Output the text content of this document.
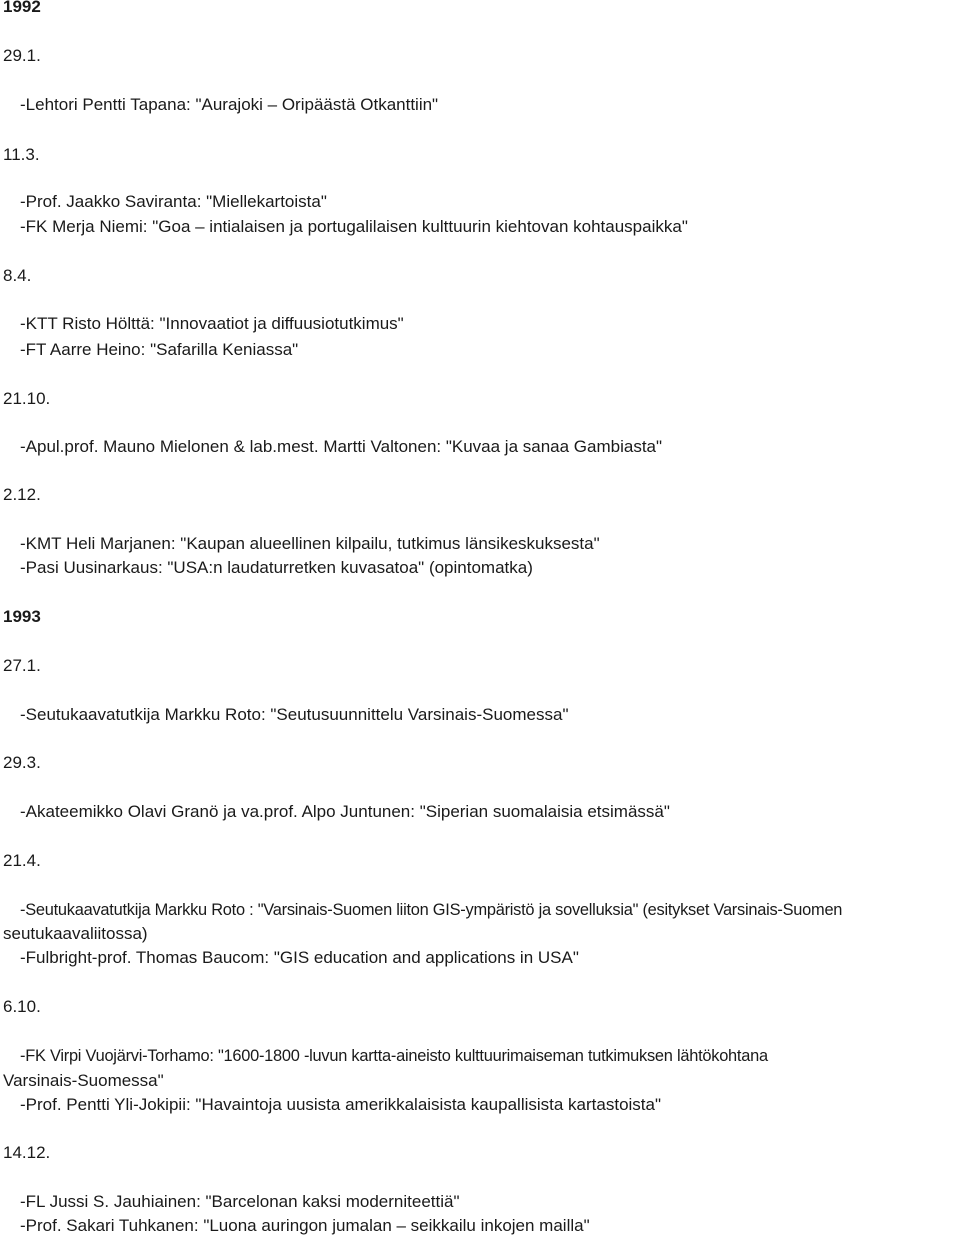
1992
29.1.
-Lehtori Pentti Tapana: "Aurajoki – Oripäästä Otkanttiin"
11.3.
-Prof. Jaakko Saviranta: "Miellekartoista"
-FK Merja Niemi: "Goa – intialaisen ja portugalilaisen kulttuurin kiehtovan kohtauspaikka"
8.4.
-KTT Risto Hölttä: "Innovaatiot ja diffuusiotutkimus"
-FT Aarre Heino: "Safarilla Keniassa"
21.10.
-Apul.prof. Mauno Mielonen & lab.mest. Martti Valtonen: "Kuvaa ja sanaa Gambiasta"
2.12.
-KMT Heli Marjanen: "Kaupan alueellinen kilpailu, tutkimus länsikeskuksesta"
-Pasi Uusinarkaus: "USA:n laudaturretken kuvasatoa" (opintomatka)
1993
27.1.
-Seutukaavatutkija Markku Roto: "Seutusuunnittelu Varsinais-Suomessa"
29.3.
-Akateemikko Olavi Granö ja va.prof. Alpo Juntunen: "Siperian suomalaisia etsimässä"
21.4.
-Seutukaavatutkija Markku Roto : "Varsinais-Suomen liiton GIS-ympäristö ja sovelluksia" (esitykset Varsinais-Suomen
seutukaavaliitossa)
-Fulbright-prof. Thomas Baucom: "GIS education and applications in USA"
6.10.
-FK Virpi Vuojärvi-Torhamo: "1600-1800 -luvun kartta-aineisto kulttuurimaiseman tutkimuksen lähtökohtana
Varsinais-Suomessa"
-Prof. Pentti Yli-Jokipii: "Havaintoja uusista amerikkalaisista kaupallisista kartastoista"
14.12.
-FL Jussi S. Jauhiainen: "Barcelonan kaksi moderniteettiä"
-Prof. Sakari Tuhkanen: "Luona auringon jumalan – seikkailu inkojen mailla"
